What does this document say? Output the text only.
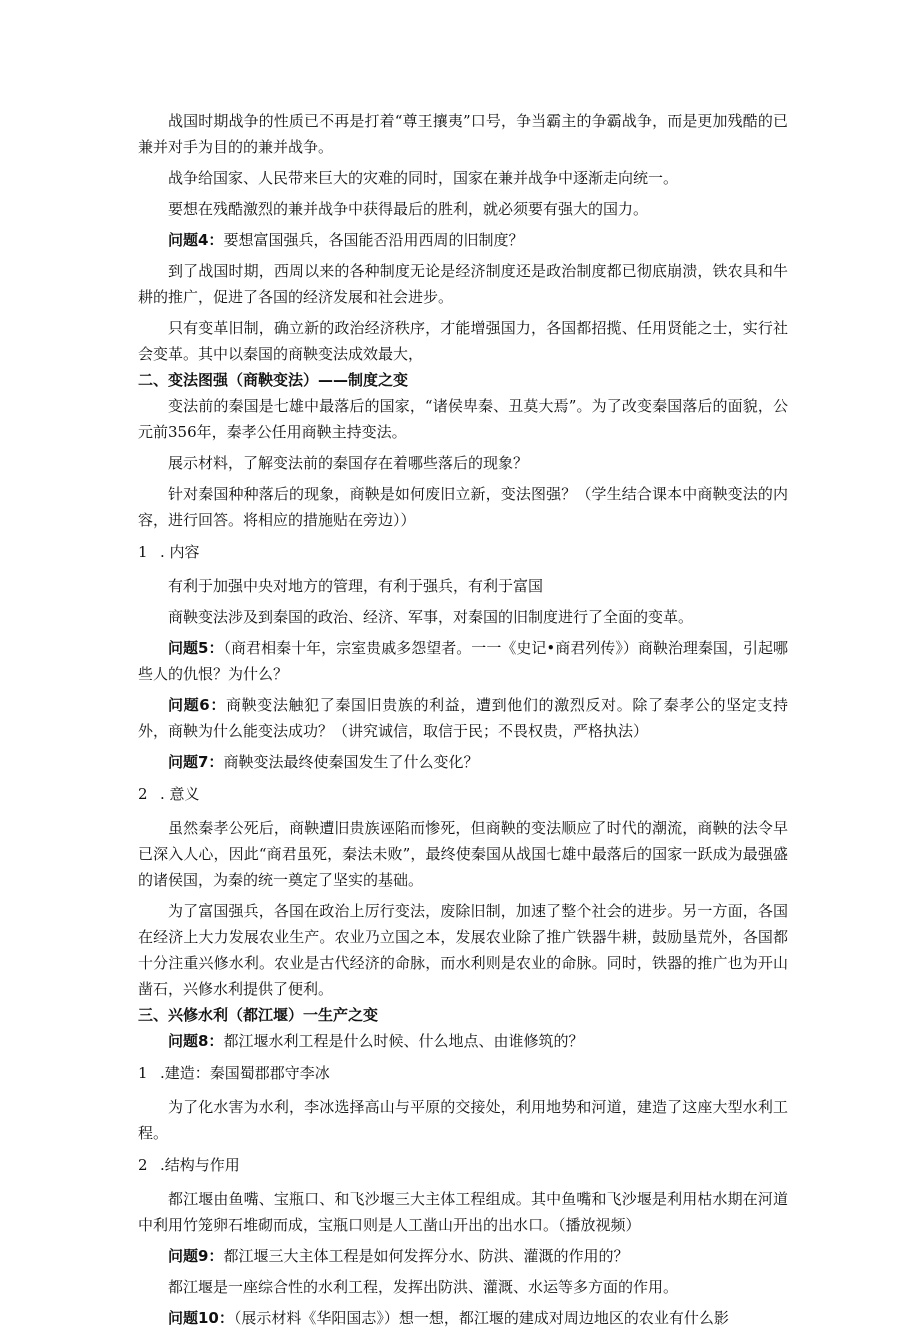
战国时期战争的性质已不再是打着“尊王攘夷”口号，争当霸主的争霸战争，而是更加残酷的已兼并对手为目的的兼并战争。

战争给国家、人民带来巨大的灾难的同时，国家在兼并战争中逐渐走向统一。

要想在残酷激烈的兼并战争中获得最后的胜利，就必须要有强大的国力。

问题4：要想富国强兵，各国能否沿用西周的旧制度？

到了战国时期，西周以来的各种制度无论是经济制度还是政治制度都已彻底崩溃，铁农具和牛耕的推广，促进了各国的经济发展和社会进步。

只有变革旧制，确立新的政治经济秩序，才能增强国力，各国都招揽、任用贤能之士，实行社会变革。其中以秦国的商鞅变法成效最大，

二、变法图强（商鞅变法）——制度之变

变法前的秦国是七雄中最落后的国家，“诸侯卑秦、丑莫大焉”。为了改变秦国落后的面貌，公元前356年，秦孝公任用商鞅主持变法。

展示材料，了解变法前的秦国存在着哪些落后的现象？

针对秦国种种落后的现象，商鞅是如何废旧立新，变法图强？（学生结合课本中商鞅变法的内容，进行回答。将相应的措施贴在旁边））

1 . 内容

有利于加强中央对地方的管理，有利于强兵，有利于富国

商鞅变法涉及到秦国的政治、经济、军事，对秦国的旧制度进行了全面的变革。

问题5：（商君相秦十年，宗室贵戚多怨望者。一一《史记•商君列传》）商鞅治理秦国，引起哪些人的仇恨？为什么？

问题6：商鞅变法触犯了秦国旧贵族的利益，遭到他们的激烈反对。除了秦孝公的坚定支持外，商鞅为什么能变法成功？（讲究诚信，取信于民；不畏权贵，严格执法）

问题7：商鞅变法最终使秦国发生了什么变化？

2 . 意义

虽然秦孝公死后，商鞅遭旧贵族诬陷而惨死，但商鞅的变法顺应了时代的潮流，商鞅的法令早已深入人心，因此“商君虽死，秦法未败”，最终使秦国从战国七雄中最落后的国家一跃成为最强盛的诸侯国，为秦的统一奠定了坚实的基础。

为了富国强兵，各国在政治上厉行变法，废除旧制，加速了整个社会的进步。另一方面，各国在经济上大力发展农业生产。农业乃立国之本，发展农业除了推广铁器牛耕，鼓励垦荒外，各国都十分注重兴修水利。农业是古代经济的命脉，而水利则是农业的命脉。同时，铁器的推广也为开山凿石，兴修水利提供了便利。

三、兴修水利（都江堰）一生产之变

问题8：都江堰水利工程是什么时候、什么地点、由谁修筑的？

1 .建造：秦国蜀郡郡守李冰

为了化水害为水利，李冰选择高山与平原的交接处，利用地势和河道，建造了这座大型水利工程。

2 .结构与作用

都江堰由鱼嘴、宝瓶口、和飞沙堰三大主体工程组成。其中鱼嘴和飞沙堰是利用枯水期在河道中利用竹笼卵石堆砌而成，宝瓶口则是人工凿山开出的出水口。（播放视频）

问题9：都江堰三大主体工程是如何发挥分水、防洪、灌溉的作用的？

都江堰是一座综合性的水利工程，发挥出防洪、灌溉、水运等多方面的作用。

问题10：（展示材料《华阳国志》）想一想，都江堰的建成对周边地区的农业有什么影
